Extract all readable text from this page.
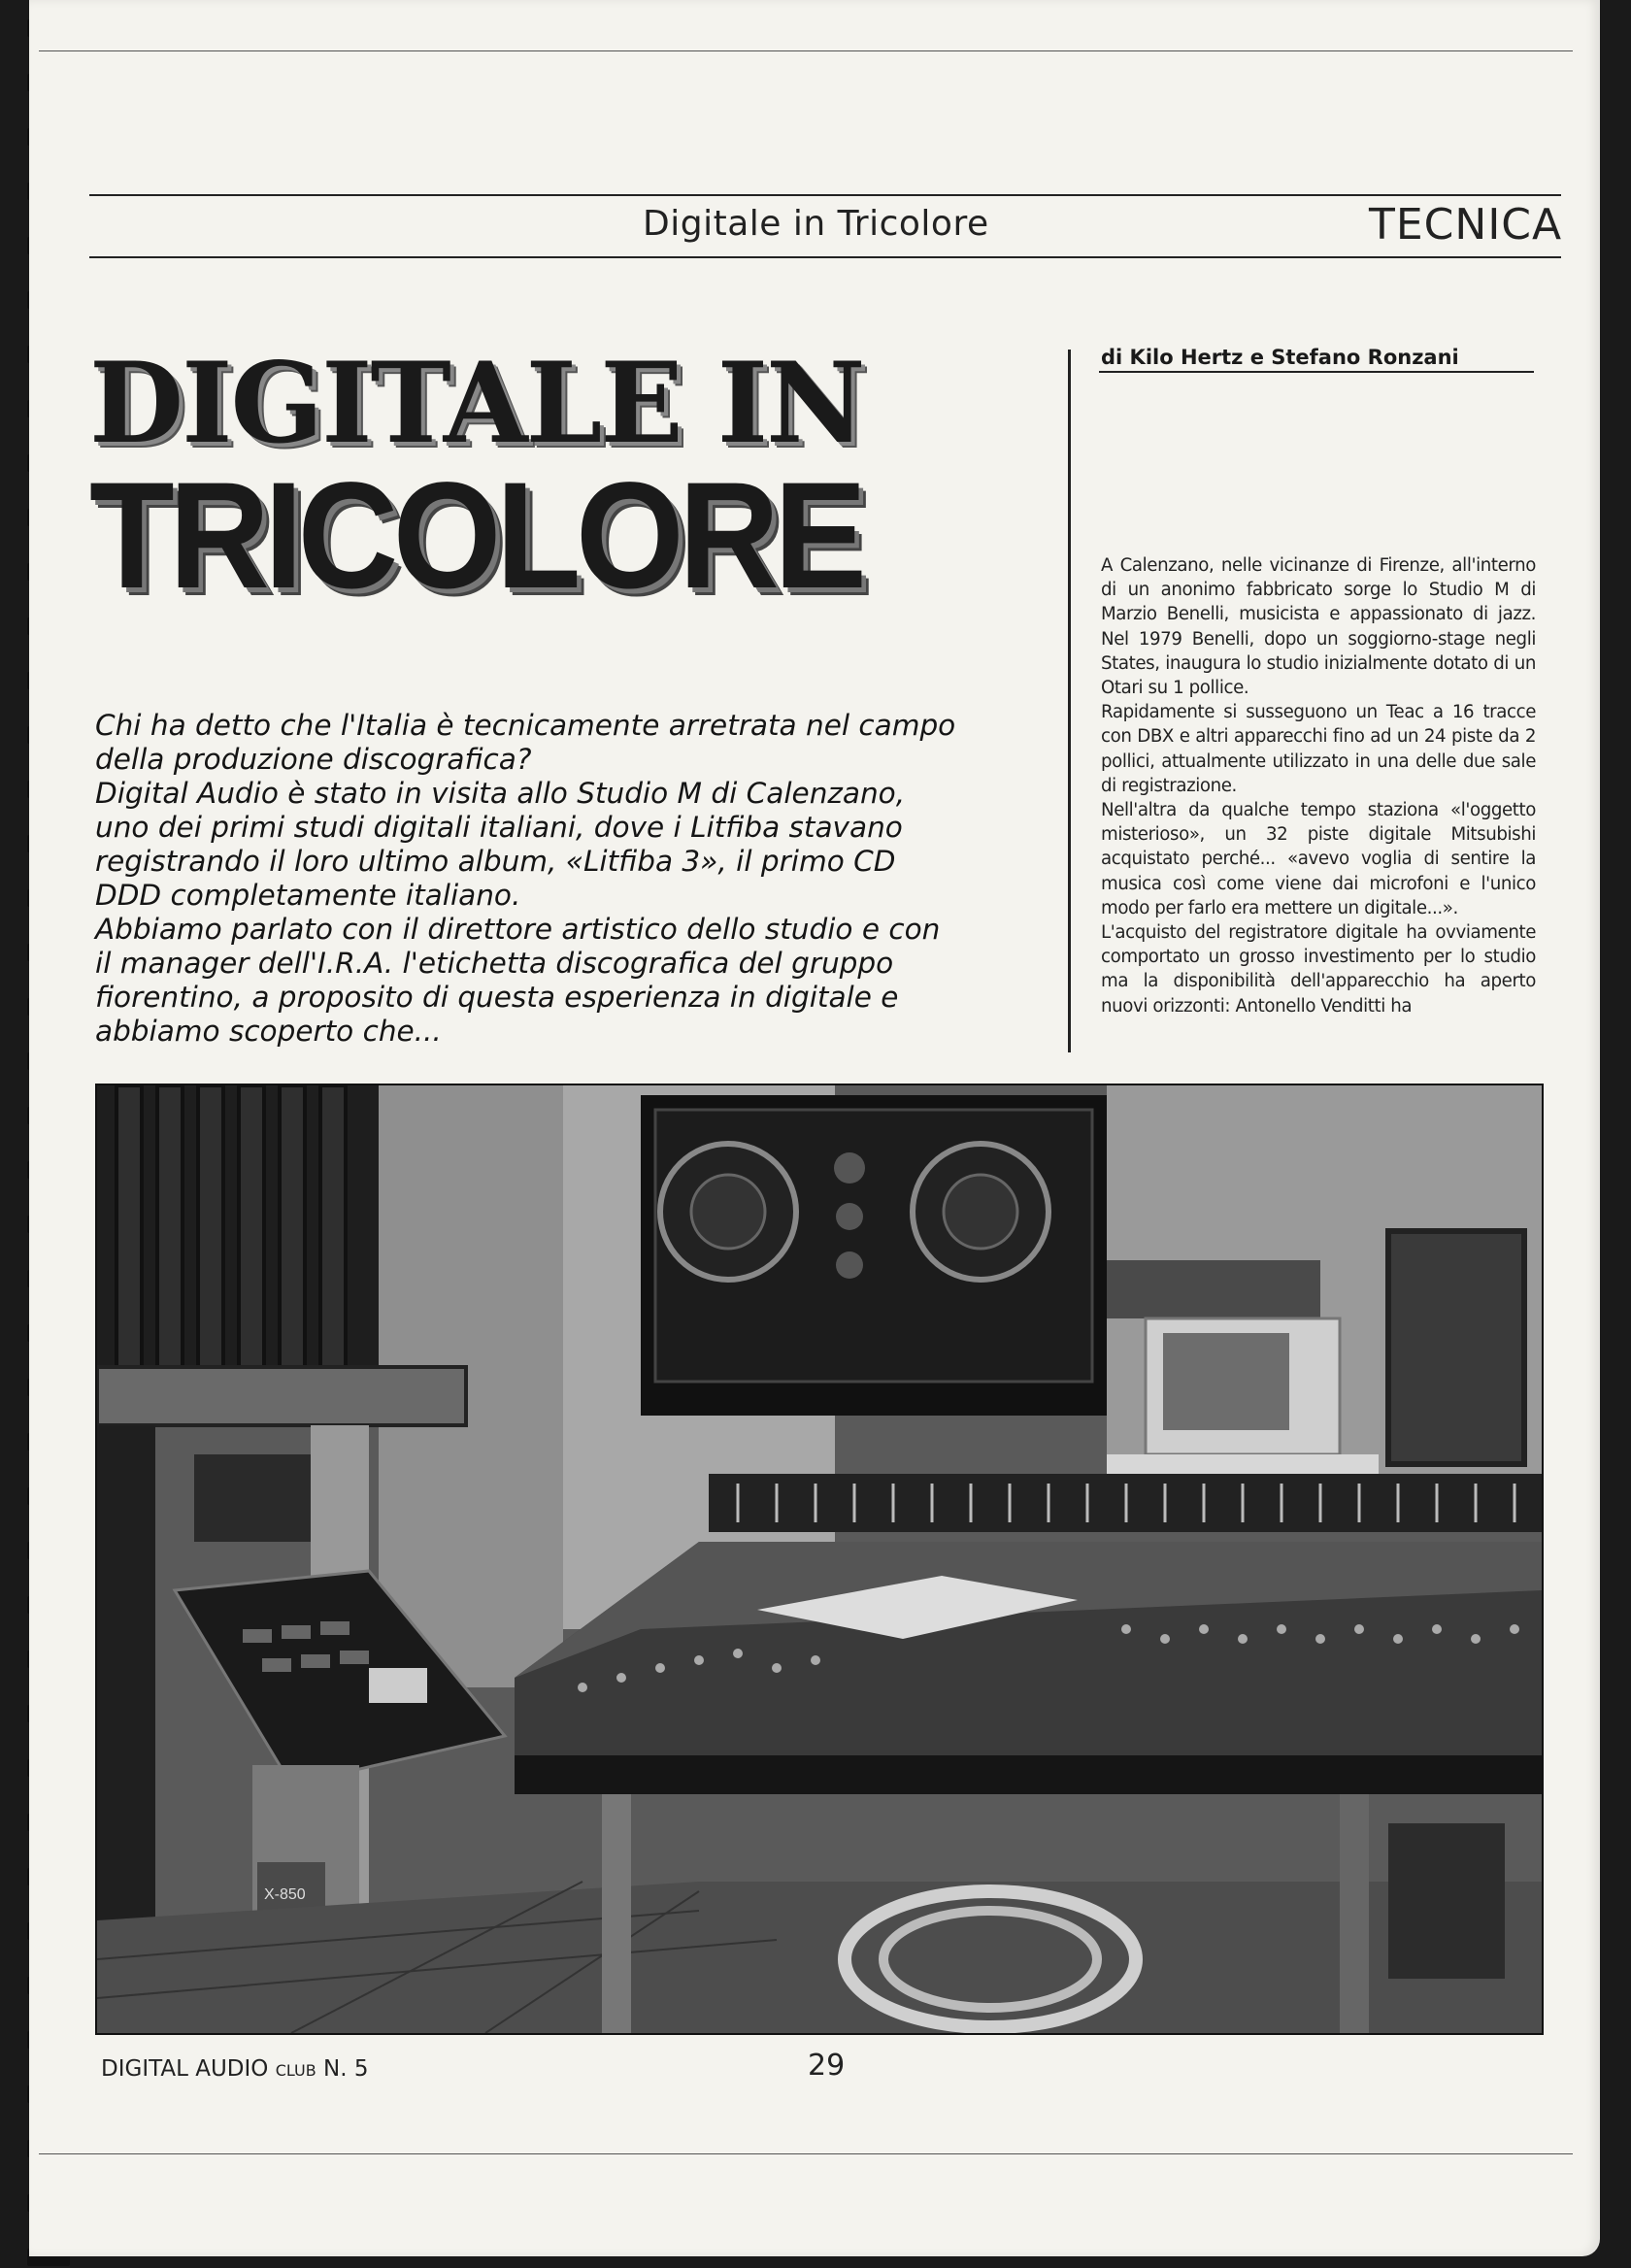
Digitale in Tricolore	TECNICA
DIGITALE IN
TRICOLORE

Chi ha detto che l'Italia è tecnicamente arretrata nel campo della produzione discografica?

Digital Audio è stato in visita allo Studio M di Calenzano, uno dei primi studi digitali italiani, dove i Litfiba stavano registrando il loro ultimo album, «Litfiba 3», il primo CD DDD completamente italiano.

Abbiamo parlato con il direttore artistico dello studio e con il manager dell'I.R.A. l'etichetta discografica del gruppo fiorentino, a proposito di questa esperienza in digitale e abbiamo scoperto che...

di Kilo Hertz e Stefano Ronzani

A Calenzano, nelle vicinanze di Firenze, all'interno di un anonimo fabbricato sorge lo Studio M di Marzio Benelli, musicista e appassionato di jazz. Nel 1979 Benelli, dopo un soggiorno-stage negli States, inaugura lo studio inizialmente dotato di un Otari su 1 pollice.

Rapidamente si susseguono un Teac a 16 tracce con DBX e altri apparecchi fino ad un 24 piste da 2 pollici, attualmente utilizzato in una delle due sale di registrazione.

Nell'altra da qualche tempo staziona «l'oggetto misterioso», un 32 piste digitale Mitsubishi acquistato perché... «avevo voglia di sentire la musica così come viene dai microfoni e l'unico modo per farlo era mettere un digitale...».

L'acquisto del registratore digitale ha ovviamente comportato un grosso investimento per lo studio ma la disponibilità dell'apparecchio ha aperto nuovi orizzonti: Antonello Venditti ha

X-850
DIGITAL AUDIO CLUB N. 5	29
